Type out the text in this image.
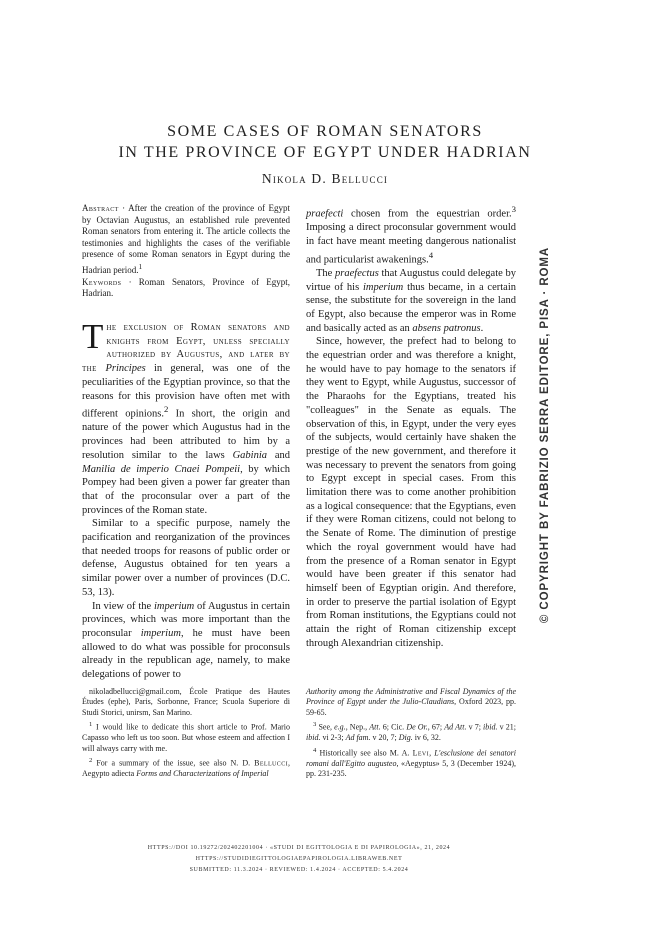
SOME CASES OF ROMAN SENATORS
IN THE PROVINCE OF EGYPT UNDER HADRIAN
Nikola D. Bellucci

Abstract · After the creation of the province of Egypt by Octavian Augustus, an established rule prevented Roman senators from entering it. The article collects the testimonies and highlights the cases of the verifiable presence of some Roman senators in Egypt during the Hadrian period.$^1$

Keywords · Roman Senators, Province of Egypt, Hadrian.

The exclusion of Roman senators and knights from Egypt, unless specially authorized by Augustus, and later by the Principes in general, was one of the peculiarities of the Egyptian province, so that the reasons for this provision have often met with different opinions.$^2$ In short, the origin and nature of the power which Augustus had in the provinces had been attributed to him by a resolution similar to the laws Gabinia and Manilia de imperio Cnaei Pompeii, by which Pompey had been given a power far greater than that of the proconsular over a part of the provinces of the Roman state.

Similar to a specific purpose, namely the pacification and reorganization of the provinces that needed troops for reasons of public order or defense, Augustus obtained for ten years a similar power over a number of provinces (D.C. 53, 13).

In view of the imperium of Augustus in certain provinces, which was more important than the proconsular imperium, he must have been allowed to do what was possible for proconsuls already in the republican age, namely, to make delegations of power to

praefecti chosen from the equestrian order.$^3$ Imposing a direct proconsular government would in fact have meant meeting dangerous nationalist and particularist awakenings.$^4$

The praefectus that Augustus could delegate by virtue of his imperium thus became, in a certain sense, the substitute for the sovereign in the land of Egypt, also because the emperor was in Rome and basically acted as an absens patronus.

Since, however, the prefect had to belong to the equestrian order and was therefore a knight, he would have to pay homage to the senators if they went to Egypt, while Augustus, successor of the Pharaohs for the Egyptians, treated his "colleagues" in the Senate as equals. The observation of this, in Egypt, under the very eyes of the subjects, would certainly have shaken the prestige of the new government, and therefore it was necessary to prevent the senators from going to Egypt except in special cases. From this limitation there was to come another prohibition as a logical consequence: that the Egyptians, even if they were Roman citizens, could not belong to the Senate of Rome. The diminution of prestige which the royal government would have had from the presence of a Roman senator in Egypt would have been greater if this senator had himself been of Egyptian origin. And therefore, in order to preserve the partial isolation of Egypt from Roman institutions, the Egyptians could not attain the right of Roman citizenship except through Alexandrian citizenship.

nikoladbellucci@gmail.com, École Pratique des Hautes Études (ephe), Paris, Sorbonne, France; Scuola Superiore di Studi Storici, unirsm, San Marino.

$^1$ I would like to dedicate this short article to Prof. Mario Capasso who left us too soon. But whose esteem and affection I will always carry with me.

$^2$ For a summary of the issue, see also N. D. Bellucci, Aegypto adiecta Forms and Characterizations of Imperial

Authority among the Administrative and Fiscal Dynamics of the Province of Egypt under the Julio-Claudians, Oxford 2023, pp. 59-65.

$^3$ See, e.g., Nep., Att. 6; Cic. De Or., 67; Ad Att. v 7; ibid. v 21; ibid. vi 2-3; Ad fam. v 20, 7; Dig. iv 6, 32.

$^4$ Historically see also M. A. Levi, L'esclusione dei senatori romani dall'Egitto augusteo, «Aegyptus» 5, 3 (December 1924), pp. 231-235.

HTTPS://DOI 10.19272/202402201004 · «STUDI DI EGITTOLOGIA E DI PAPIROLOGIA», 21, 2024
HTTPS://STUDIDIEGITTOLOGIAEPAPIROLOGIA.LIBRAWEB.NET
SUBMITTED: 11.3.2024 · REVIEWED: 1.4.2024 · ACCEPTED: 5.4.2024
© COPYRIGHT BY FABRIZIO SERRA EDITORE, PISA · ROMA
